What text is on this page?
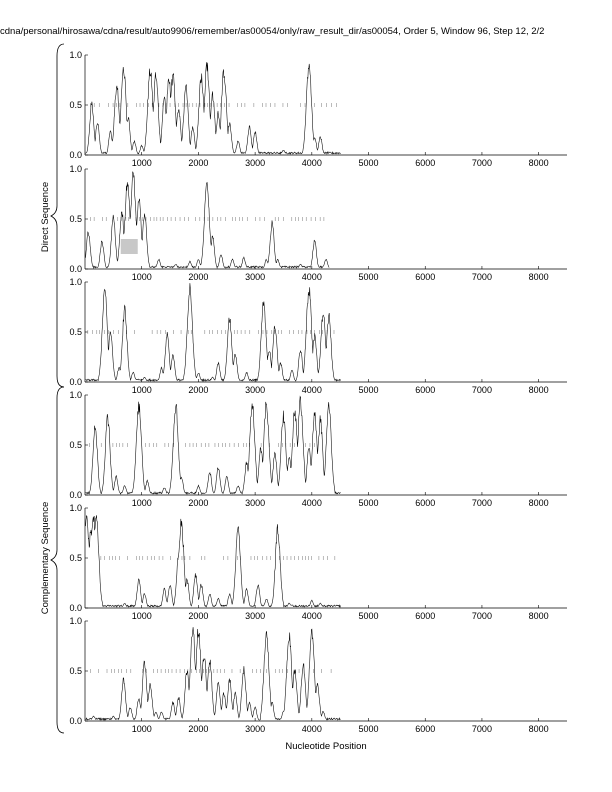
cdna/personal/hirosawa/cdna/result/auto9906/remember/as00054/only/raw_result_dir/as00054, Order 5, Window 96, Step 12, 2/2
Nucleotide Position
Direct Sequence
Complementary Sequence
0.0
0.5
1.0
1000	2000	3000	4000	5000	6000	7000	8000
0.0
0.5
1.0
1000	2000	3000	4000	5000	6000	7000	8000
0.0
0.5
1.0
1000	2000	3000	4000	5000	6000	7000	8000
0.0
0.5
1.0
1000	2000	3000	4000	5000	6000	7000	8000
0.0
0.5
1.0
1000	2000	3000	4000	5000	6000	7000	8000
0.0
0.5
1.0
1000	2000	3000	4000	5000	6000	7000	8000
